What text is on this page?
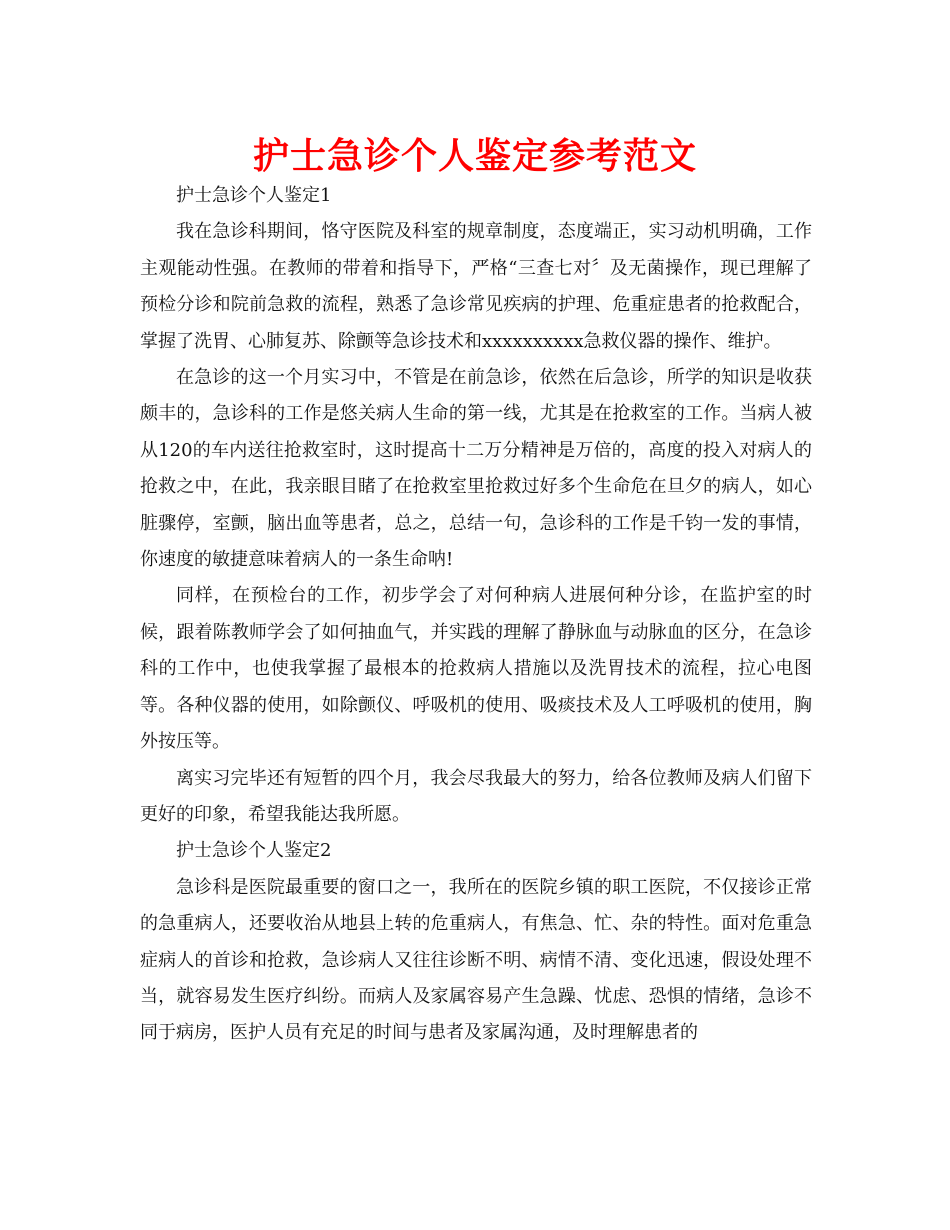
护士急诊个人鉴定参考范文

护士急诊个人鉴定1

我在急诊科期间，恪守医院及科室的规章制度，态度端正，实习动机明确，工作主观能动性强。在教师的带着和指导下，严格“三查七对〞及无菌操作，现已理解了预检分诊和院前急救的流程，熟悉了急诊常见疾病的护理、危重症患者的抢救配合，掌握了洗胃、心肺复苏、除颤等急诊技术和xxxxxxxxxx急救仪器的操作、维护。

在急诊的这一个月实习中，不管是在前急诊，依然在后急诊，所学的知识是收获颇丰的，急诊科的工作是悠关病人生命的第一线，尤其是在抢救室的工作。当病人被从120的车内送往抢救室时，这时提高十二万分精神是万倍的，高度的投入对病人的抢救之中，在此，我亲眼目睹了在抢救室里抢救过好多个生命危在旦夕的病人，如心脏骤停，室颤，脑出血等患者，总之，总结一句，急诊科的工作是千钧一发的事情，你速度的敏捷意味着病人的一条生命呐!

同样，在预检台的工作，初步学会了对何种病人进展何种分诊，在监护室的时候，跟着陈教师学会了如何抽血气，并实践的理解了静脉血与动脉血的区分，在急诊科的工作中，也使我掌握了最根本的抢救病人措施以及洗胃技术的流程，拉心电图等。各种仪器的使用，如除颤仪、呼吸机的使用、吸痰技术及人工呼吸机的使用，胸外按压等。

离实习完毕还有短暂的四个月，我会尽我最大的努力，给各位教师及病人们留下更好的印象，希望我能达我所愿。

护士急诊个人鉴定2

急诊科是医院最重要的窗口之一，我所在的医院乡镇的职工医院，不仅接诊正常的急重病人，还要收治从地县上转的危重病人，有焦急、忙、杂的特性。面对危重急症病人的首诊和抢救，急诊病人又往往诊断不明、病情不清、变化迅速，假设处理不当，就容易发生医疗纠纷。而病人及家属容易产生急躁、忧虑、恐惧的情绪，急诊不同于病房，医护人员有充足的时间与患者及家属沟通，及时理解患者的
